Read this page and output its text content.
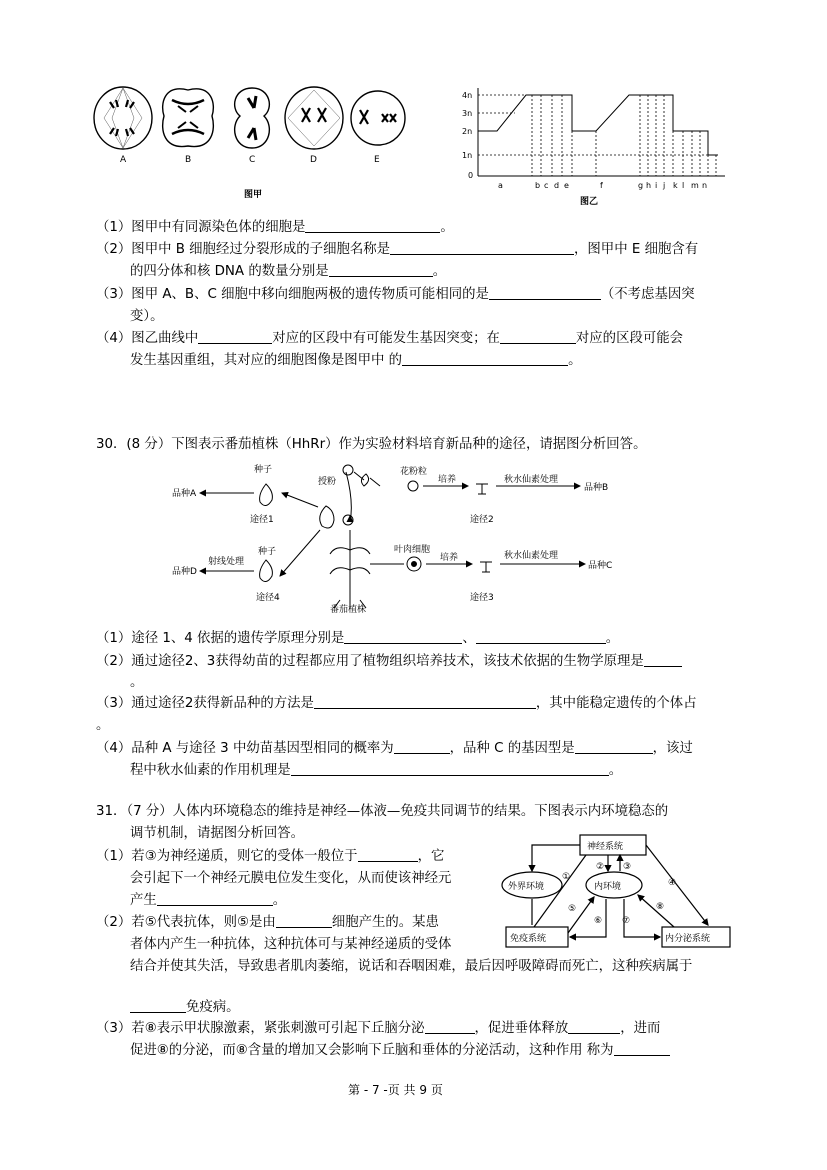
A	B	C	D	E
图甲
4n
3n
2n
1n
0
a	b c d e	f	g h i j k l m n
图乙
（1）图甲中有同源染色体的细胞是	。
（2）图甲中 B 细胞经过分裂形成的子细胞名称是	，图甲中 E 细胞含有
的四分体和核 DNA 的数量分别是	。
（3）图甲 A、B、C 细胞中移向细胞两极的遗传物质可能相同的是	（不考虑基因突
变）。
（4）图乙曲线中	对应的区段中有可能发生基因突变；在	对应的区段可能会
发生基因重组，其对应的细胞图像是图甲中 的	。
30．(8 分）下图表示番茄植株（HhRr）作为实验材料培育新品种的途径，请据图分析回答。
品种A
种子
途径1
授粉
花粉粒
培养	秋水仙素处理
品种B
途径2
品种D
射线处理
种子
途径4
叶肉细胞
培养	秋水仙素处理
品种C
途径3
番茄植株
（1）途径 1、4 依据的遗传学原理分别是	、	。
（2）通过途径2、3获得幼苗的过程都应用了植物组织培养技术，该技术依据的生物学原理是
。
（3）通过途径2获得新品种的方法是	，其中能稳定遗传的个体占
。
（4）品种 A 与途径 3 中幼苗基因型相同的概率为	，品种 C 的基因型是	，该过
程中秋水仙素的作用机理是	。
31．（7 分）人体内环境稳态的维持是神经—体液—免疫共同调节的结果。下图表示内环境稳态的
调节机制，请据图分析回答。
神经系统
外界环境	内环境
免疫系统	内分泌系统
①
② ③
④
⑤
⑥ ⑦
⑧
（1）若③为神经递质，则它的受体一般位于	，它
会引起下一个神经元膜电位发生变化，从而使该神经元
产生	。
（2）若⑤代表抗体，则⑤是由	细胞产生的。某患
者体内产生一种抗体，这种抗体可与某神经递质的受体
结合并使其失活，导致患者肌肉萎缩，说话和吞咽困难，最后因呼吸障碍而死亡，这种疾病属于
免疫病。
（3）若⑧表示甲状腺激素，紧张刺激可引起下丘脑分泌	，促进垂体释放	，进而
促进⑧的分泌，而⑧含量的增加又会影响下丘脑和垂体的分泌活动，这种作用 称为
第 - 7 -页 共 9 页
